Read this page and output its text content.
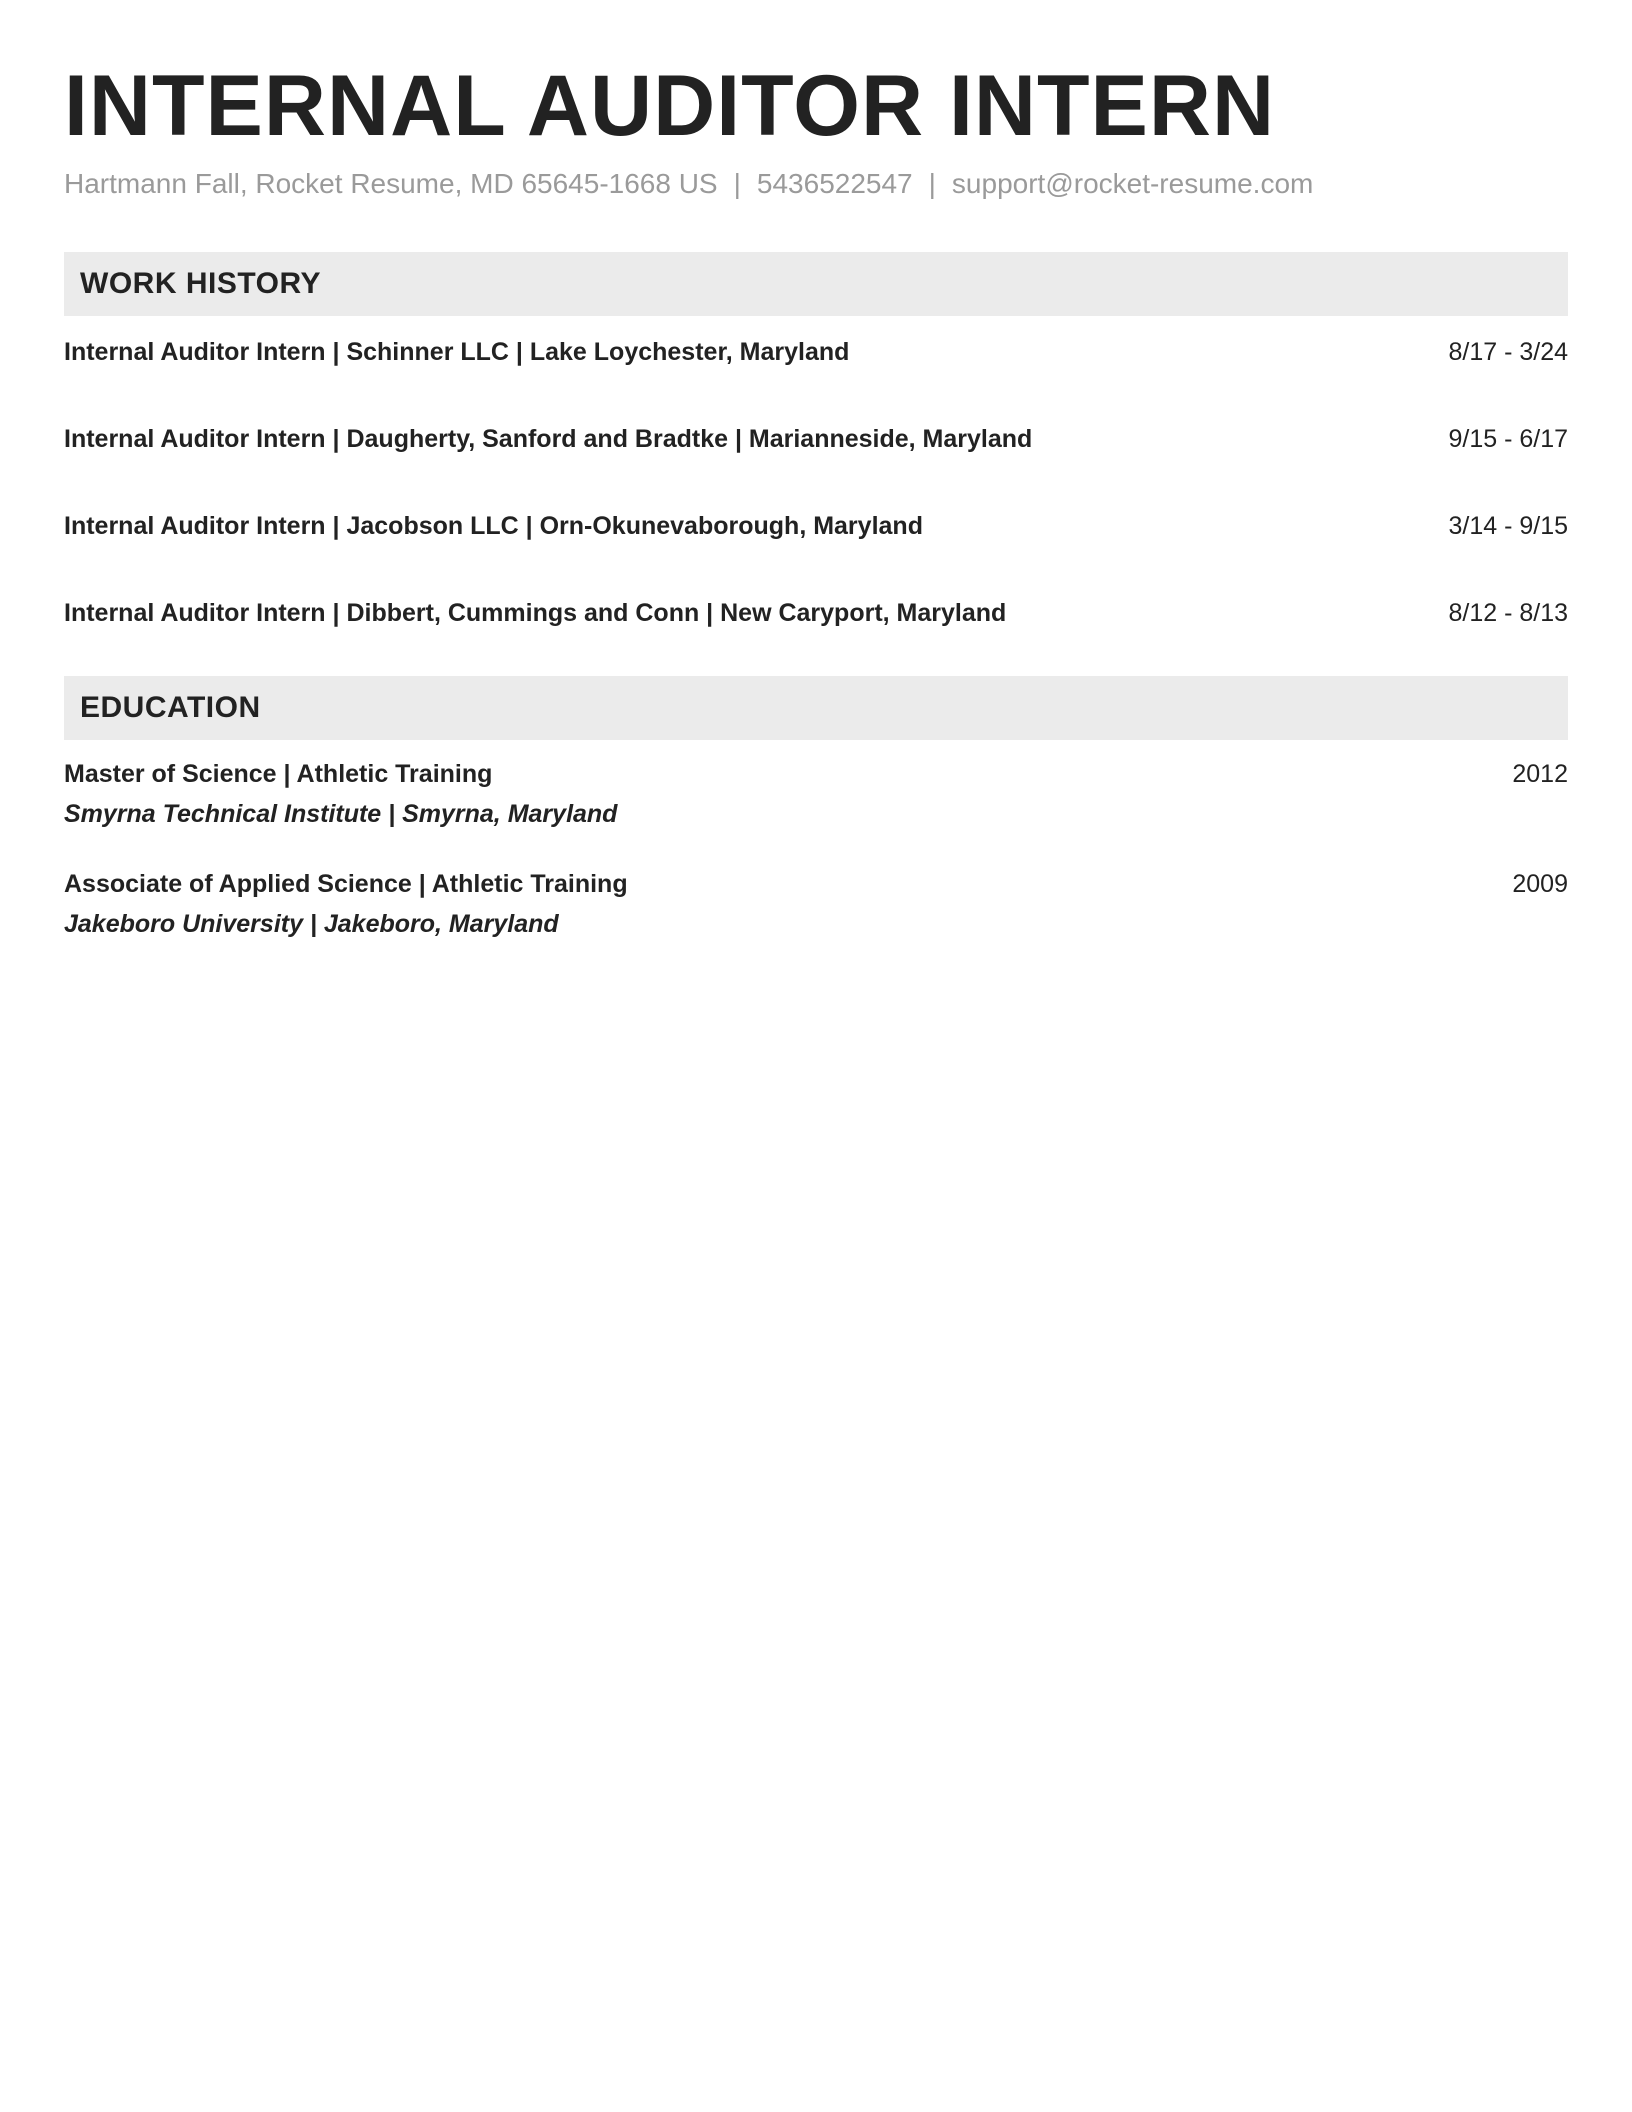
INTERNAL AUDITOR INTERN
Hartmann Fall, Rocket Resume, MD 65645-1668 US | 5436522547 | support@rocket-resume.com
WORK HISTORY
Internal Auditor Intern | Schinner LLC | Lake Loychester, Maryland	8/17 - 3/24
Internal Auditor Intern | Daugherty, Sanford and Bradtke | Marianneside, Maryland	9/15 - 6/17
Internal Auditor Intern | Jacobson LLC | Orn-Okunevaborough, Maryland	3/14 - 9/15
Internal Auditor Intern | Dibbert, Cummings and Conn | New Caryport, Maryland	8/12 - 8/13
EDUCATION
Master of Science | Athletic Training	2012
Smyrna Technical Institute | Smyrna, Maryland
Associate of Applied Science | Athletic Training	2009
Jakeboro University | Jakeboro, Maryland
